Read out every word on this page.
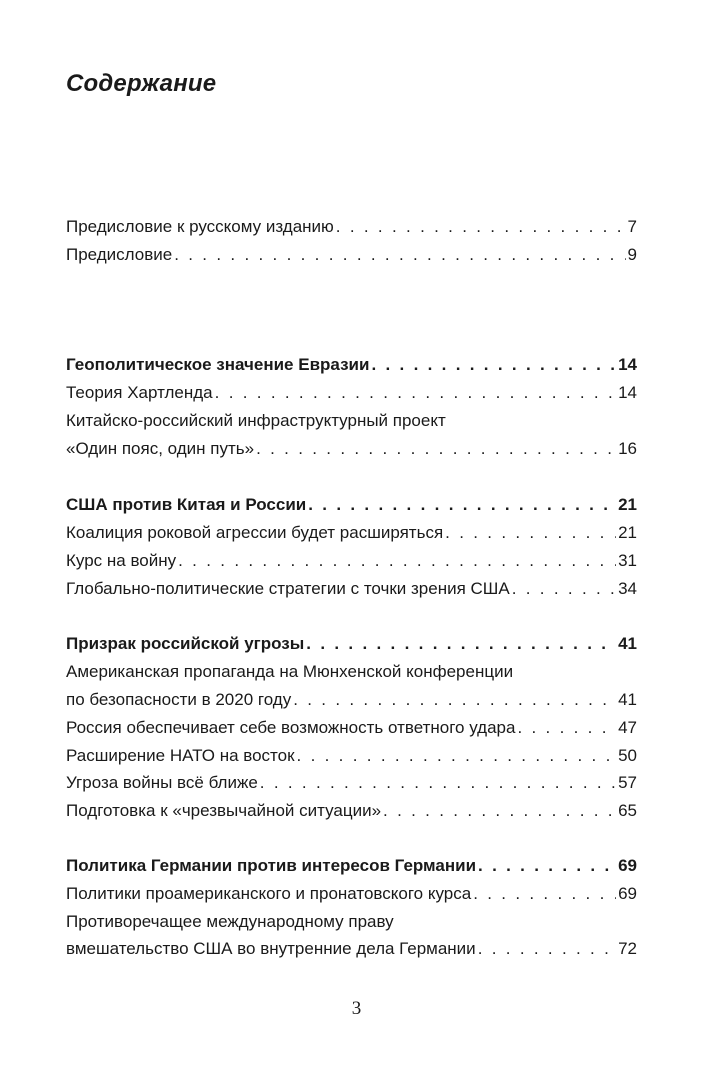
Содержание
Предисловие к русскому изданию . . .	7
Предисловие . . .	9
Геополитическое значение Евразии . . .	14
Теория Хартленда . . .	14
Китайско-российский инфраструктурный проект
«Один пояс, один путь» . . .	16
США против Китая и России . . .	21
Коалиция роковой агрессии будет расширяться . . .	21
Курс на войну . . .	31
Глобально-политические стратегии с точки зрения США . . .	34
Призрак российской угрозы . . .	41
Американская пропаганда на Мюнхенской конференции
по безопасности в 2020 году . . .	41
Россия обеспечивает себе возможность ответного удара . . .	47
Расширение НАТО на восток . . .	50
Угроза войны всё ближе . . .	57
Подготовка к «чрезвычайной ситуации» . . .	65
Политика Германии против интересов Германии . . .	69
Политики проамериканского и пронатовского курса . . .	69
Противоречащее международному праву
вмешательство США во внутренние дела Германии . . .	72
3
